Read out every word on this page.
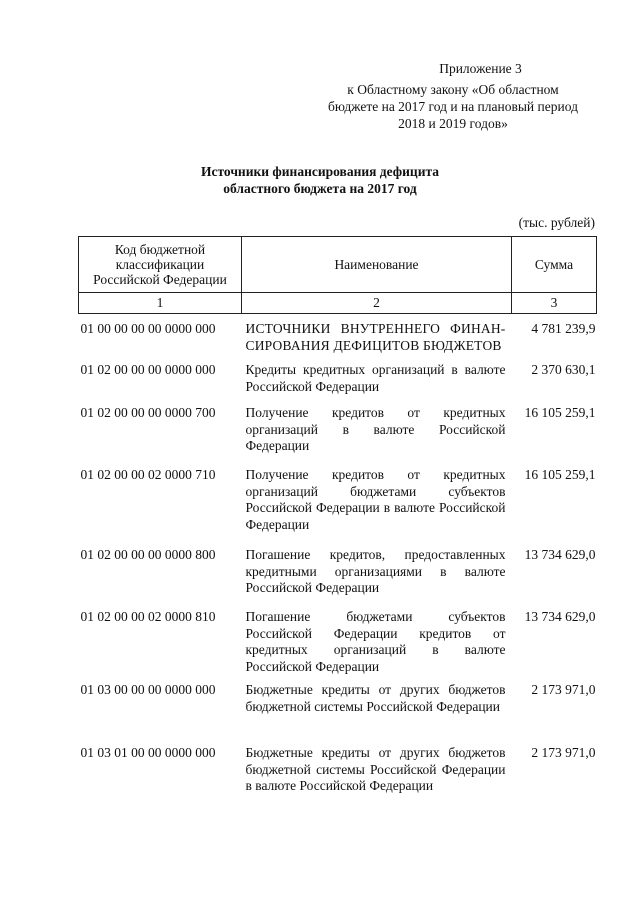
Приложение 3
к Областному закону «Об областном бюджете на 2017 год и на плановый период 2018 и 2019 годов»
Источники финансирования дефицита
областного бюджета на 2017 год
(тыс. рублей)
Код бюджетной классификации Российской Федерации	Наименование	Сумма
1	2	3
01 00 00 00 00 0000 000	ИСТОЧНИКИ ВНУТРЕННЕГО ФИНАН-СИРОВАНИЯ ДЕФИЦИТОВ БЮДЖЕТОВ	4 781 239,9
01 02 00 00 00 0000 000	Кредиты кредитных организаций в валюте Российской Федерации	2 370 630,1
01 02 00 00 00 0000 700	Получение кредитов от кредитных организаций в валюте Российской Федерации	16 105 259,1
01 02 00 00 02 0000 710	Получение кредитов от кредитных организаций бюджетами субъектов Российской Федерации в валюте Российской Федерации	16 105 259,1
01 02 00 00 00 0000 800	Погашение кредитов, предоставленных кредитными организациями в валюте Российской Федерации	13 734 629,0
01 02 00 00 02 0000 810	Погашение бюджетами субъектов Российской Федерации кредитов от кредитных организаций в валюте Российской Федерации	13 734 629,0
01 03 00 00 00 0000 000	Бюджетные кредиты от других бюджетов бюджетной системы Российской Федерации	2 173 971,0
01 03 01 00 00 0000 000	Бюджетные кредиты от других бюджетов бюджетной системы Российской Федерации в валюте Российской Федерации	2 173 971,0
